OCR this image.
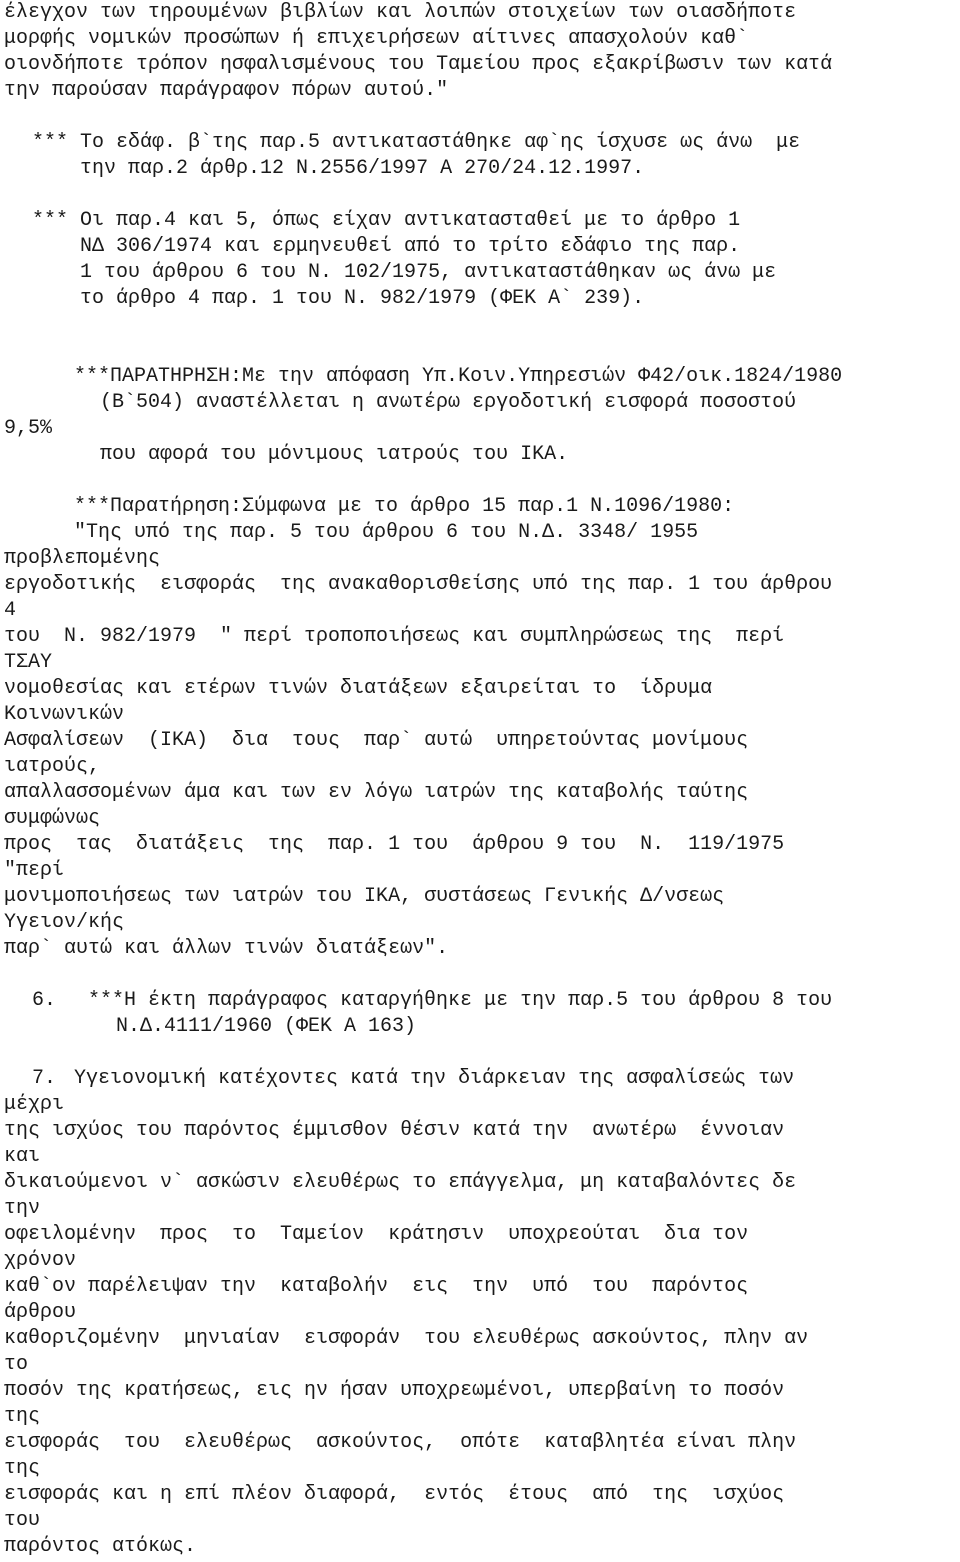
έλεγχον των τηρουμένων βιβλίων και λοιπών στοιχείων των οιασδήποτε
μορφής νομικών προσώπων ή επιχειρήσεων αίτινες απασχολούν καθ`
οιονδήποτε τρόπον ησφαλισμένους του Ταμείου προς εξακρίβωσιν των κατά
την παρούσαν παράγραφον πόρων αυτού."
*** Το εδάφ. β`της παρ.5 αντικαταστάθηκε αφ`ης ίσχυσε ως άνω  με
την παρ.2 άρθρ.12 Ν.2556/1997 Α 270/24.12.1997.
*** Οι παρ.4 και 5, όπως είχαν αντικατασταθεί με το άρθρο 1
ΝΔ 306/1974 και ερμηνευθεί από το τρίτο εδάφιο της παρ.
1 του άρθρου 6 του Ν. 102/1975, αντικαταστάθηκαν ως άνω με
το άρθρο 4 παρ. 1 του Ν. 982/1979 (ΦΕΚ Α` 239).
***ΠΑΡΑΤΗΡΗΣΗ:Με την απόφαση Υπ.Κοιν.Υπηρεσιών Φ42/οικ.1824/1980
(Β`504) αναστέλλεται η ανωτέρω εργοδοτική εισφορά ποσοστού
9,5%
που αφορά του μόνιμους ιατρούς του ΙΚΑ.
***Παρατήρηση:Σύμφωνα με το άρθρο 15 παρ.1 Ν.1096/1980:
"Της υπό της παρ. 5 του άρθρου 6 του Ν.Δ. 3348/ 1955
προβλεπομένης
εργοδοτικής  εισφοράς  της ανακαθορισθείσης υπό της παρ. 1 του άρθρου
4
του  Ν. 982/1979  " περί τροποποιήσεως και συμπληρώσεως της  περί
ΤΣΑΥ
νομοθεσίας και ετέρων τινών διατάξεων εξαιρείται το  ίδρυμα
Κοινωνικών
Ασφαλίσεων  (ΙΚΑ)  δια  τους  παρ` αυτώ  υπηρετούντας μονίμους
ιατρούς,
απαλλασσομένων άμα και των εν λόγω ιατρών της καταβολής ταύτης
συμφώνως
προς  τας  διατάξεις  της  παρ. 1 του  άρθρου 9 του  Ν.  119/1975
"περί
μονιμοποιήσεως των ιατρών του ΙΚΑ, συστάσεως Γενικής Δ/νσεως
Υγειον/κής
παρ` αυτώ και άλλων τινών διατάξεων".
6. ***Η έκτη παράγραφος καταργήθηκε με την παρ.5 του άρθρου 8 του
Ν.Δ.4111/1960 (ΦΕΚ Α 163)
7. Υγειονομική κατέχοντες κατά την διάρκειαν της ασφαλίσεώς των
μέχρι
της ισχύος του παρόντος έμμισθον θέσιν κατά την  ανωτέρω  έννοιαν
και
δικαιούμενοι ν` ασκώσιν ελευθέρως το επάγγελμα, μη καταβαλόντες δε
την
οφειλομένην  προς  το  Ταμείον  κράτησιν  υποχρεούται  δια τον
χρόνον
καθ`ον παρέλειψαν την  καταβολήν  εις  την  υπό  του  παρόντος
άρθρου
καθοριζομένην  μηνιαίαν  εισφοράν  του ελευθέρως ασκούντος, πλην αν
το
ποσόν της κρατήσεως, εις ην ήσαν υποχρεωμένοι, υπερβαίνη το ποσόν
της
εισφοράς  του  ελευθέρως  ασκούντος,  οπότε  καταβλητέα είναι πλην
της
εισφοράς και η επί πλέον διαφορά,  εντός  έτους  από  της  ισχύος
του
παρόντος ατόκως.
